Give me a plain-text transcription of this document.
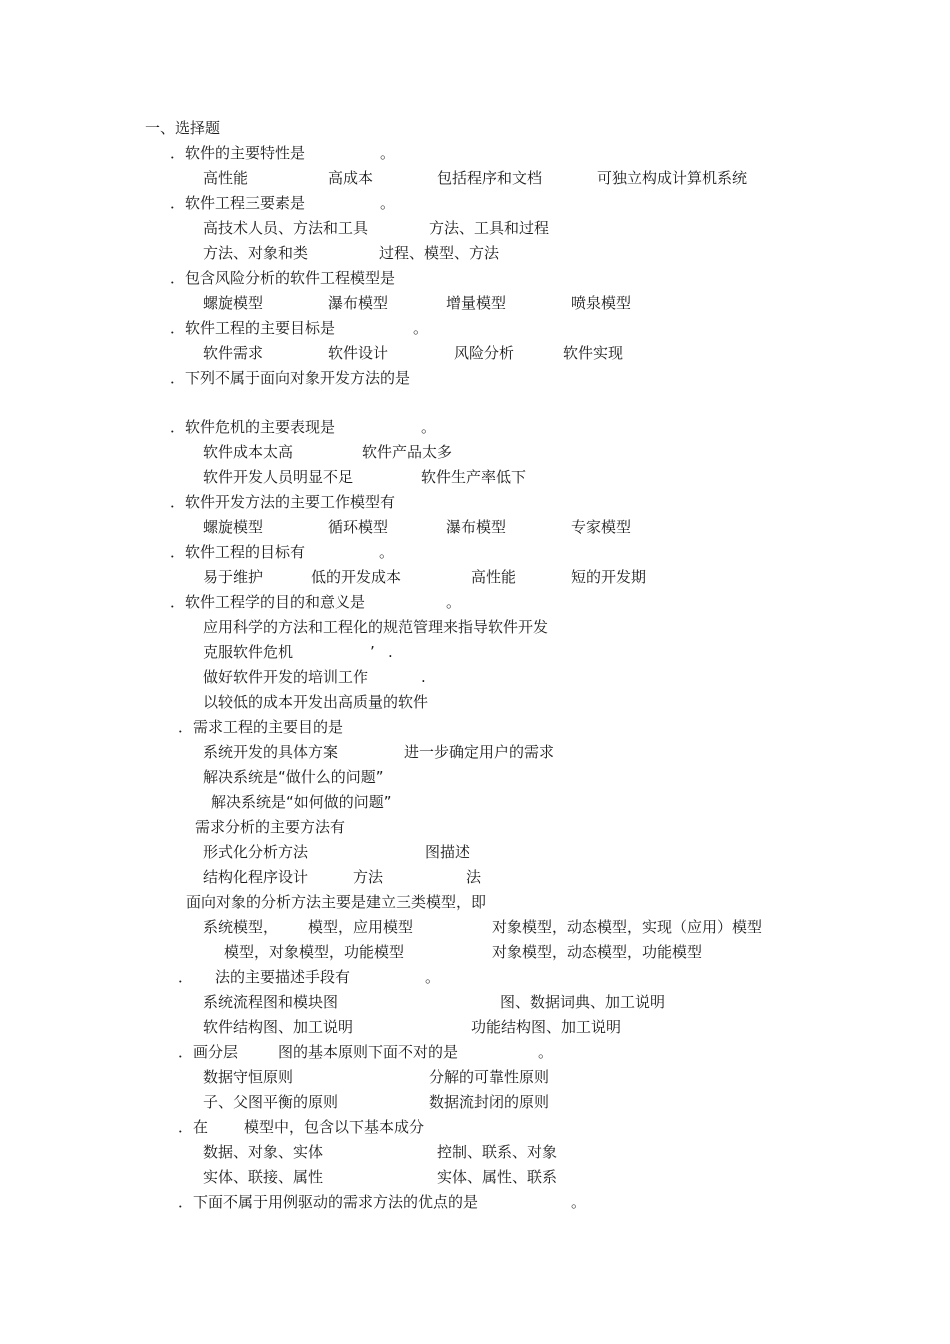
一、选择题
．软件的主要特性是	。
高性能	高成本	包括程序和文档	可独立构成计算机系统
．软件工程三要素是	。
高技术人员、方法和工具	方法、工具和过程
方法、对象和类	过程、模型、方法
．包含风险分析的软件工程模型是
螺旋模型	瀑布模型	增量模型	喷泉模型
．软件工程的主要目标是	。
软件需求	软件设计	风险分析	软件实现
．下列不属于面向对象开发方法的是
．软件危机的主要表现是	。
软件成本太高	软件产品太多
软件开发人员明显不足	软件生产率低下
．软件开发方法的主要工作模型有
螺旋模型	循环模型	瀑布模型	专家模型
．软件工程的目标有	。
易于维护	低的开发成本	高性能	短的开发期
．软件工程学的目的和意义是	。
应用科学的方法和工程化的规范管理来指导软件开发
克服软件危机	’ .
做好软件开发的培训工作	.
以较低的成本开发出高质量的软件
．需求工程的主要目的是
系统开发的具体方案	进一步确定用户的需求
解决系统是“做什么的问题”
解决系统是“如何做的问题”
需求分析的主要方法有
形式化分析方法	图描述
结构化程序设计	方法	法
面向对象的分析方法主要是建立三类模型，即
系统模型， 模型，应用模型	对象模型，动态模型，实现（应用）模型
模型，对象模型，功能模型	对象模型，动态模型，功能模型
． 法的主要描述手段有	。
系统流程图和模块图	图、数据词典、加工说明
软件结构图、加工说明	功能结构图、加工说明
．画分层	图的基本原则下面不对的是	。
数据守恒原则	分解的可靠性原则
子、父图平衡的原则	数据流封闭的原则
．在 模型中，包含以下基本成分
数据、对象、实体	控制、联系、对象
实体、联接、属性	实体、属性、联系
．下面不属于用例驱动的需求方法的优点的是	。
